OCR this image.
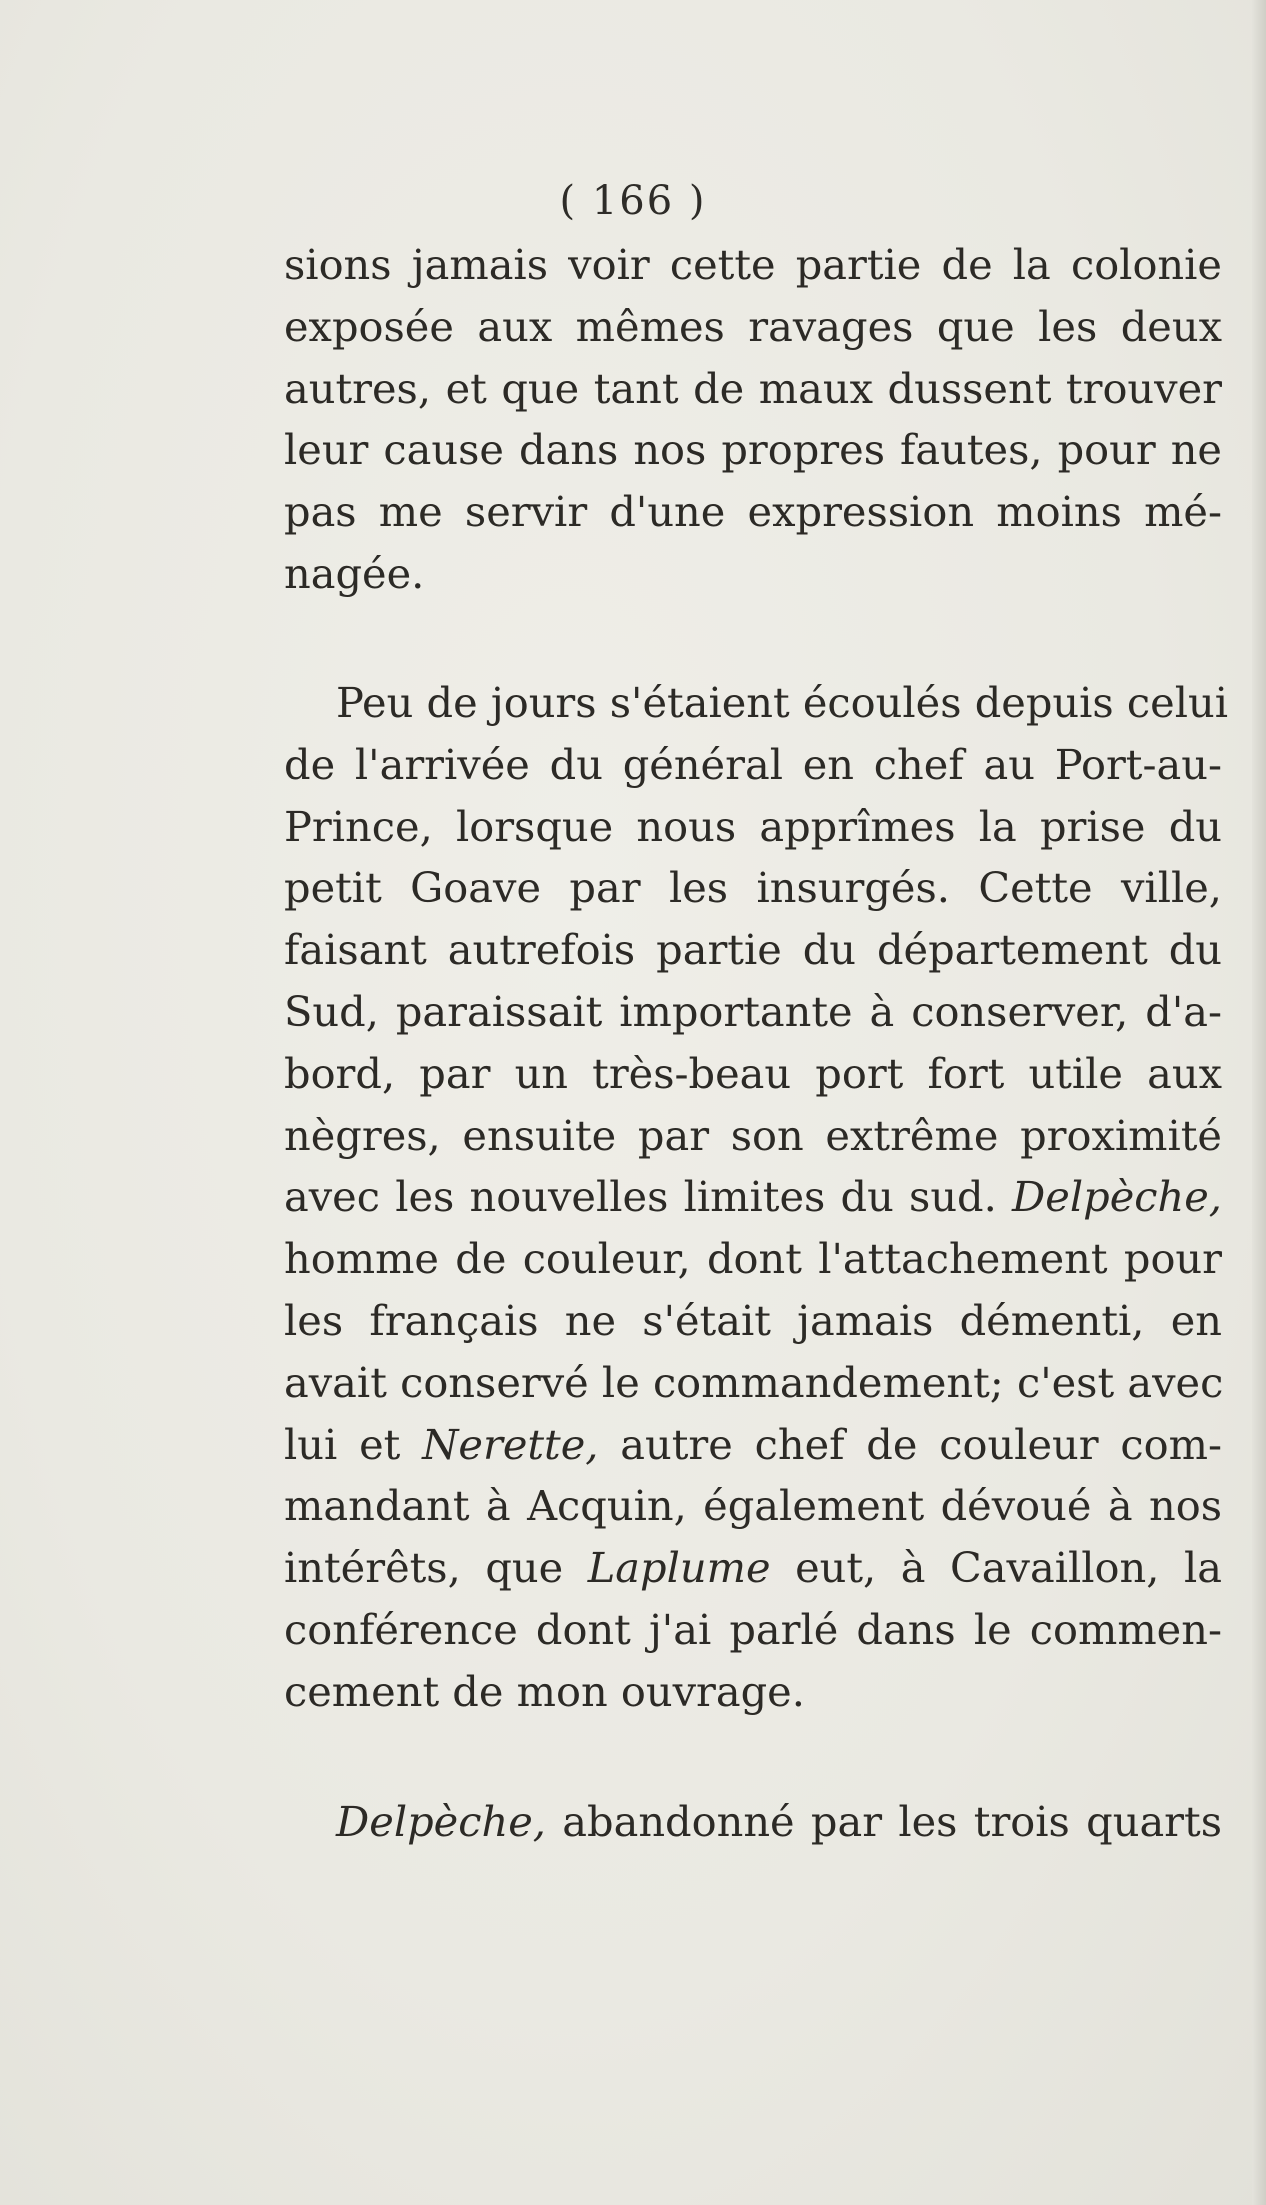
( 166 )
sions jamais voir cette partie de la colonie
exposée aux mêmes ravages que les deux
autres, et que tant de maux dussent trouver
leur cause dans nos propres fautes, pour ne
pas me servir d'une expression moins mé-
nagée.
Peu de jours s'étaient écoulés depuis celui
de l'arrivée du général en chef au Port-au-
Prince, lorsque nous apprîmes la prise du
petit Goave par les insurgés. Cette ville,
faisant autrefois partie du département du
Sud, paraissait importante à conserver, d'a-
bord, par un très-beau port fort utile aux
nègres, ensuite par son extrême proximité
avec les nouvelles limites du sud. Delpèche,
homme de couleur, dont l'attachement pour
les français ne s'était jamais démenti, en
avait conservé le commandement; c'est avec
lui et Nerette, autre chef de couleur com-
mandant à Acquin, également dévoué à nos
intérêts, que Laplume eut, à Cavaillon, la
conférence dont j'ai parlé dans le commen-
cement de mon ouvrage.
Delpèche, abandonné par les trois quarts
